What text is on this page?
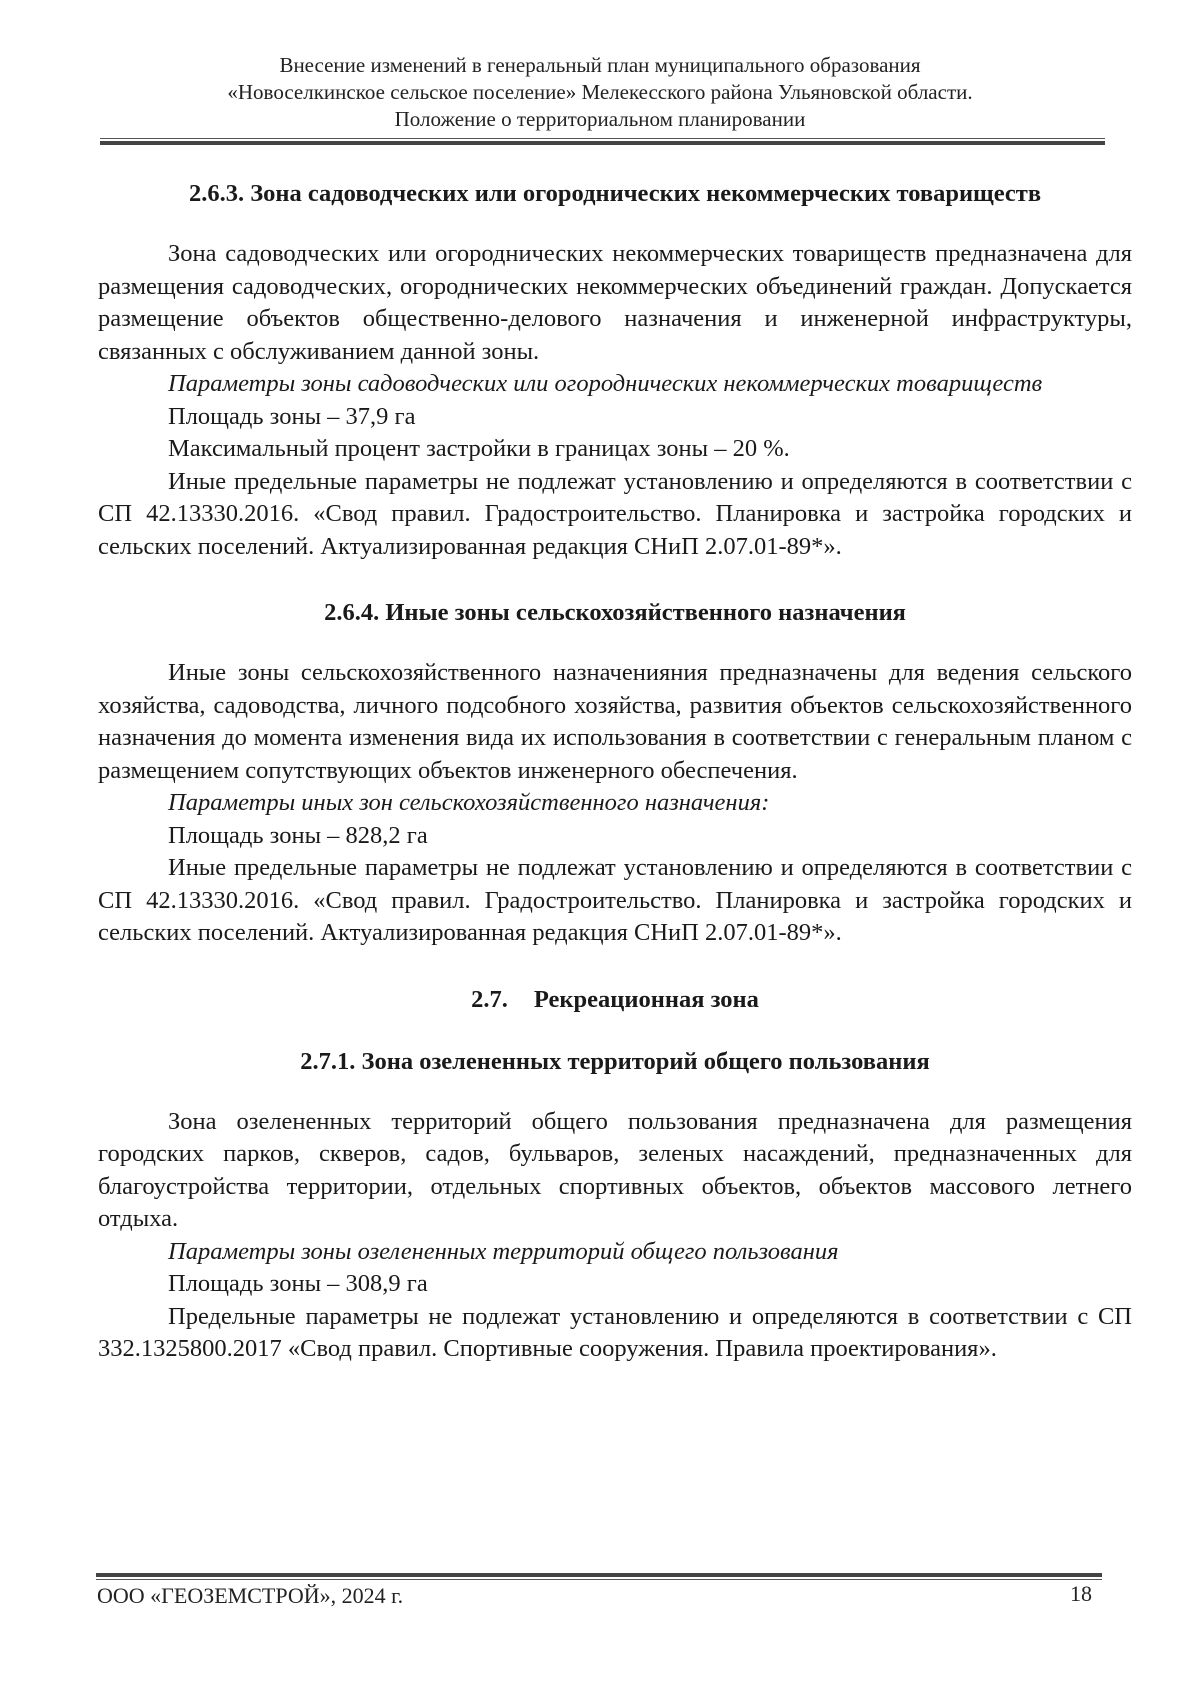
Внесение изменений в генеральный план муниципального образования
«Новоселкинское сельское поселение» Мелекесского района Ульяновской области.
Положение о территориальном планировании
2.6.3. Зона садоводческих или огороднических некоммерческих товариществ

Зона садоводческих или огороднических некоммерческих товариществ предназначена для размещения садоводческих, огороднических некоммерческих объединений граждан. Допускается размещение объектов общественно-делового назначения и инженерной инфраструктуры, связанных с обслуживанием данной зоны.

Параметры зоны садоводческих или огороднических некоммерческих товариществ

Площадь зоны – 37,9 га

Максимальный процент застройки в границах зоны – 20 %.

Иные предельные параметры не подлежат установлению и определяются в соответствии с СП 42.13330.2016. «Свод правил. Градостроительство. Планировка и застройка городских и сельских поселений. Актуализированная редакция СНиП 2.07.01-89*».

2.6.4. Иные зоны сельскохозяйственного назначения

Иные зоны сельскохозяйственного назначенияния предназначены для ведения сельского хозяйства, садоводства, личного подсобного хозяйства, развития объектов сельскохозяйственного назначения до момента изменения вида их использования в соответствии с генеральным планом с размещением сопутствующих объектов инженерного обеспечения.

Параметры иных зон сельскохозяйственного назначения:

Площадь зоны – 828,2 га

Иные предельные параметры не подлежат установлению и определяются в соответствии с СП 42.13330.2016. «Свод правил. Градостроительство. Планировка и застройка городских и сельских поселений. Актуализированная редакция СНиП 2.07.01-89*».

2.7. Рекреационная зона
2.7.1. Зона озелененных территорий общего пользования

Зона озелененных территорий общего пользования предназначена для размещения городских парков, скверов, садов, бульваров, зеленых насаждений, предназначенных для благоустройства территории, отдельных спортивных объектов, объектов массового летнего отдыха.

Параметры зоны озелененных территорий общего пользования

Площадь зоны – 308,9 га

Предельные параметры не подлежат установлению и определяются в соответствии с СП 332.1325800.2017 «Свод правил. Спортивные сооружения. Правила проектирования».

ООО «ГЕОЗЕМСТРОЙ», 2024 г.	18
